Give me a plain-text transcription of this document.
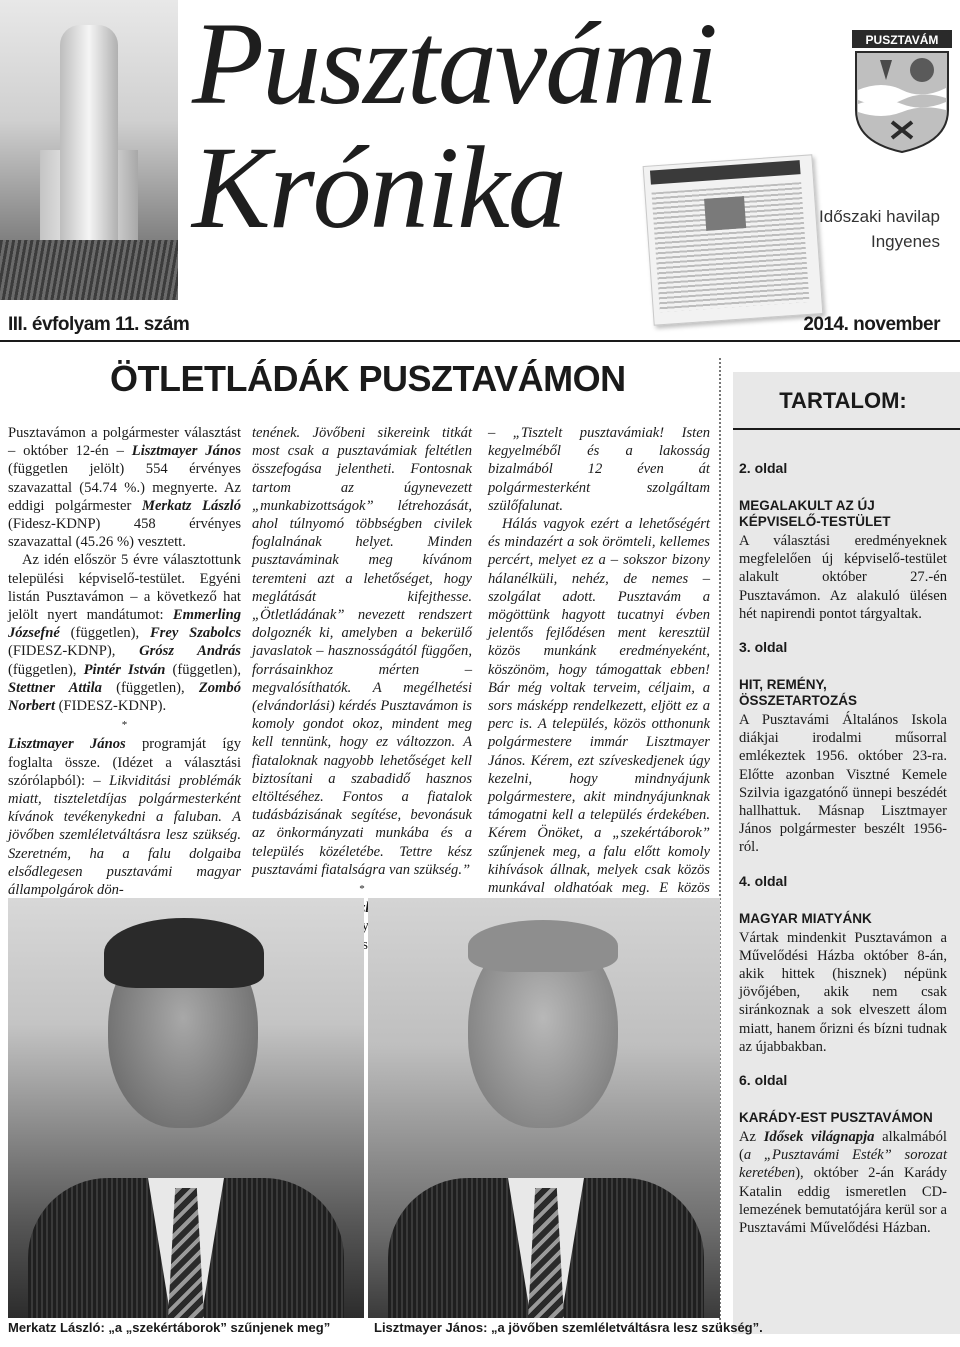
Pusztavámi
Krónika
PUSZTAVÁM
Időszaki havilap
Ingyenes
III. évfolyam 11. szám	2014. november
ÖTLETLÁDÁK PUSZTAVÁMON

Pusztavámon a polgármester választást – október 12-én – Lisztmayer János (független jelölt) 554 érvényes szavazattal (54.74 %.) megnyerte. Az eddigi polgármester Merkatz László (Fidesz-KDNP) 458 érvényes szavazattal (45.26 %) vesztett.

Az idén először 5 évre választottunk települési képviselő-testület. Egyéni listán Pusztavámon – a következő hat jelölt nyert mandátumot: Emmerling Józsefné (független), Frey Szabolcs (FIDESZ-KDNP), Grósz András (független), Pintér István (független), Stettner Attila (független), Zombó Norbert (FIDESZ-KDNP).

*

Lisztmayer János programját így foglalta össze. (Idézet a választási szórólapból): – Likviditási problémák miatt, tiszteletdíjas polgármesterként kívánok tevékenykedni a faluban. A jövőben szemléletváltásra lesz szükség. Szeretném, ha a falu dolgaiba elsődlegesen pusztavámi magyar állampolgárok dön-

tenének. Jövőbeni sikereink titkát most csak a pusztavámiak feltétlen összefogása jelentheti. Fontosnak tartom az úgynevezett „munkabizottságok” létrehozását, ahol túlnyomó többségben civilek foglalnának helyet. Minden pusztaváminak meg kívánom teremteni azt a lehetőséget, hogy meglátását kifejthesse. „Ötletládának” nevezett rendszert dolgoznék ki, amelyben a bekerülő javaslatok – hasznosságától függően, forrásainkhoz mérten – megvalósíthatók. A megélhetési (elvándorlási) kérdés Pusztavámon is komoly gondot okoz, mindent meg kell tennünk, hogy ez változzon. A fiataloknak nagyobb lehetőséget kell biztosítani a szabadidő hasznos eltöltéséhez. Fontos a fiatalok tudásbázisának segítése, bevonásuk az önkormányzati munkába és a település közéletébe. Tettre kész pusztavámi fiatalságra van szükség.”

*

– „Tisztelt pusztavámiak! Isten kegyelméből és a lakosság bizalmából 12 éven át polgármesterként szolgáltam szülőfalunat.

Hálás vagyok ezért a lehetőségért és mindazért a sok örömteli, kellemes percért, melyet ez a – sokszor bizony hálanélküli, nehéz, de nemes – szolgálat adott. Pusztavám a mögöttünk hagyott tucatnyi évben jelentős fejlődésen ment keresztül közös munkánk eredményeként, köszönöm, hogy támogattak ebben! Bár még voltak terveim, céljaim, a sors másképp rendelkezett, eljött ez a perc is. A település, közös otthonunk polgármestere immár Lisztmayer János. Kérem, ezt szíveskedjenek úgy kezelni, hogy mindnyájunk polgármestere, akit mindnyájunknak támogatni kell a település érdekében. Kérem Önöket, a „szekértáborok” szűnjenek meg, a falu előtt komoly kihívások állnak, melyek csak közös munkával oldhatóak meg. E közös

TARTALOM:
2. oldal
MEGALAKULT AZ ÚJ KÉPVISELŐ-TESTÜLET
A választási eredményeknek megfelelően új képviselő-testület alakult október 27.-én Pusztavámon. Az alakuló ülésen hét napirendi pontot tárgyaltak.
3. oldal
HIT, REMÉNY, ÖSSZETARTOZÁS
A Pusztavámi Általános Iskola diákjai irodalmi műsorral emlékeztek 1956. október 23-ra. Előtte azonban Visztné Kemele Szilvia igazgatónő ünnepi beszédét hallhattuk. Másnap Lisztmayer János polgármester beszélt 1956-ról.
4. oldal
MAGYAR MIATYÁNK
Vártak mindenkit Pusztavámon a Művelődési Házba október 8-án, akik hittek (hisznek) népünk jövőjében, akik nem csak siránkoznak a sok elveszett álom miatt, hanem őrizni és bízni tudnak az újabbakban.
6. oldal
KARÁDY-EST PUSZTAVÁMON
Az Idősek világnapja alkalmából (a „Pusztavámi Esték” sorozat keretében), október 2-án Karády Katalin eddig ismeretlen CD-lemezének bemutatójára kerül sor a Pusztavámi Művelődési Házban.
Merkatz László: „a „szekértáborok” szűnjenek meg”	Lisztmayer János: „a jövőben szemléletváltásra lesz szükség”.
